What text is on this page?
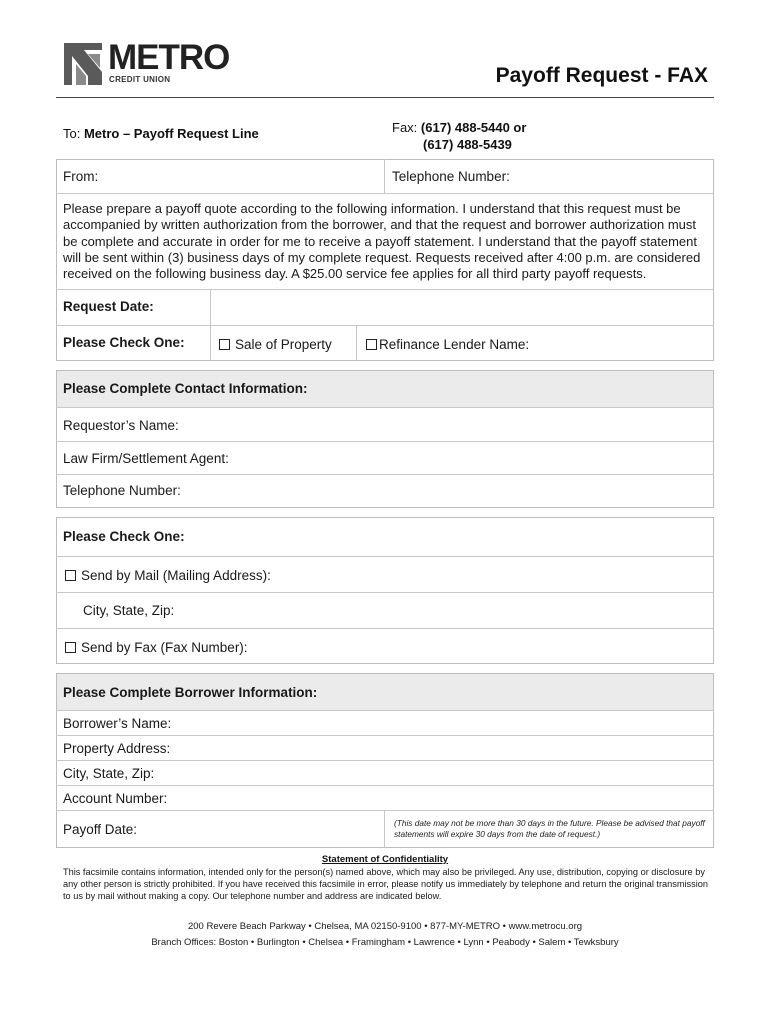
METRO
CREDIT UNION	Payoff Request - FAX
To: Metro – Payoff Request Line	Fax: (617) 488-5440 or
(617) 488-5439
From:	Telephone Number:
Please prepare a payoff quote according to the following information. I understand that this request must be accompanied by written authorization from the borrower, and that the request and borrower authorization must be complete and accurate in order for me to receive a payoff statement. I understand that the payoff statement will be sent within (3) business days of my complete request. Requests received after 4:00 p.m. are considered received on the following business day. A $25.00 service fee applies for all third party payoff requests.
Request Date:
Please Check One:	Sale of Property	Refinance Lender Name:
Please Complete Contact Information:
Requestor’s Name:
Law Firm/Settlement Agent:
Telephone Number:
Please Check One:
Send by Mail (Mailing Address):
City, State, Zip:
Send by Fax (Fax Number):
Please Complete Borrower Information:
Borrower’s Name:
Property Address:
City, State, Zip:
Account Number:
Payoff Date:	(This date may not be more than 30 days in the future. Please be advised that payoff statements will expire 30 days from the date of request.)
Statement of Confidentiality
This facsimile contains information, intended only for the person(s) named above, which may also be privileged. Any use, distribution, copying or disclosure by any other person is strictly prohibited. If you have received this facsimile in error, please notify us immediately by telephone and return the original transmission to us by mail without making a copy. Our telephone number and address are indicated below.
200 Revere Beach Parkway • Chelsea, MA 02150-9100 • 877-MY-METRO • www.metrocu.org
Branch Offices: Boston • Burlington • Chelsea • Framingham • Lawrence • Lynn • Peabody • Salem • Tewksbury
